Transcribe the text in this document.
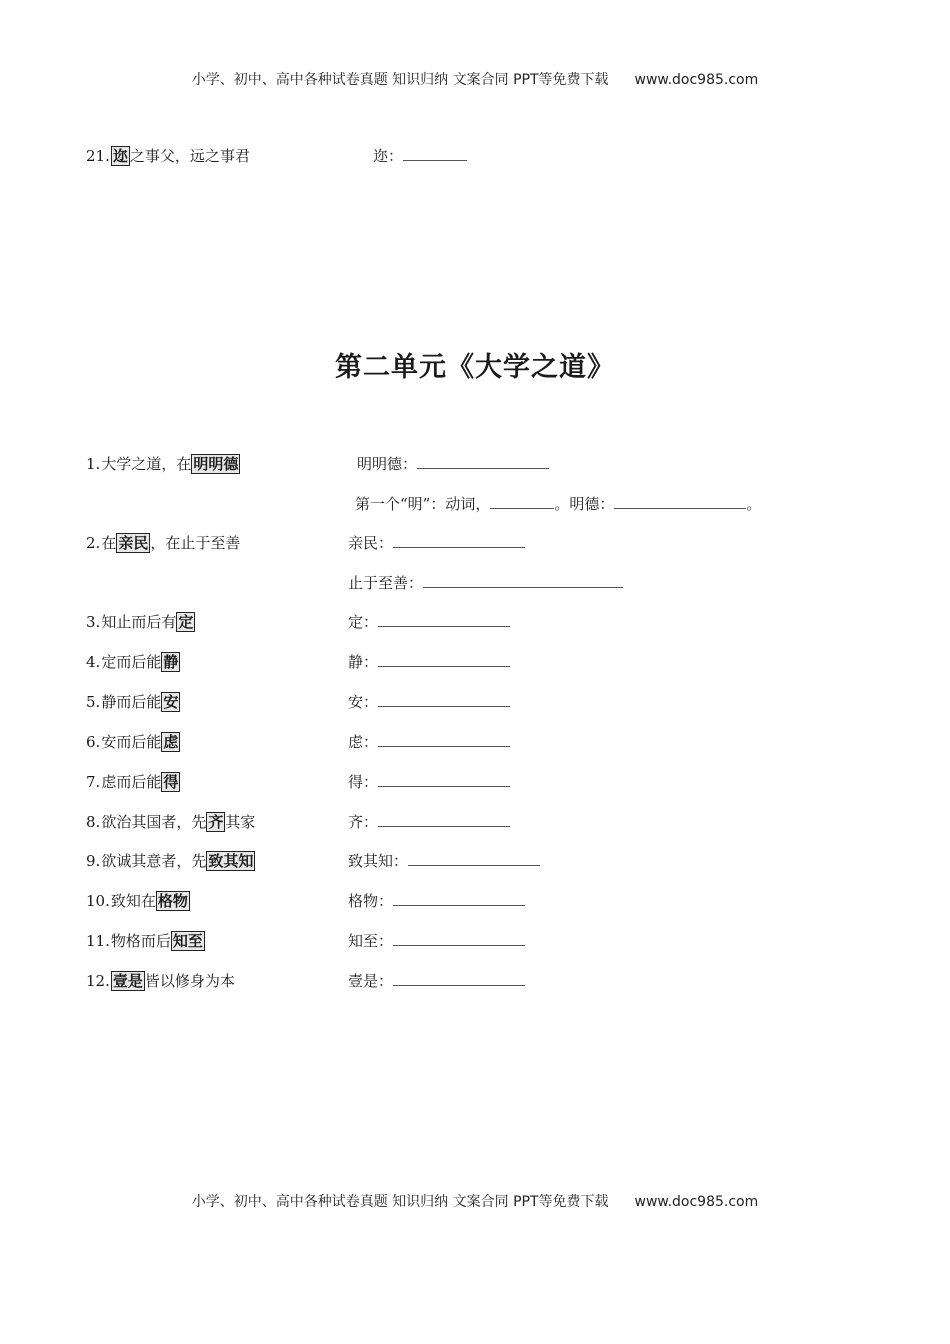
小学、初中、高中各种试卷真题 知识归纳 文案合同 PPT等免费下载 www.doc985.com
21. 迩 之事父，远之事君	迩：
第二单元《大学之道》
1.大学之道，在 明明德	明明德：
第一个“明”：动词，	。明德：	。
2.在 亲民 ，在止于至善	亲民：
止于至善：
3.知止而后有 定	定：
4.定而后能 静	静：
5.静而后能 安	安：
6.安而后能 虑	虑：
7.虑而后能 得	得：
8.欲治其国者，先 齐 其家	齐：
9.欲诚其意者，先 致其知	致其知：
10.致知在 格物	格物：
11.物格而后 知至	知至：
12. 壹是 皆以修身为本	壹是：
小学、初中、高中各种试卷真题 知识归纳 文案合同 PPT等免费下载 www.doc985.com
